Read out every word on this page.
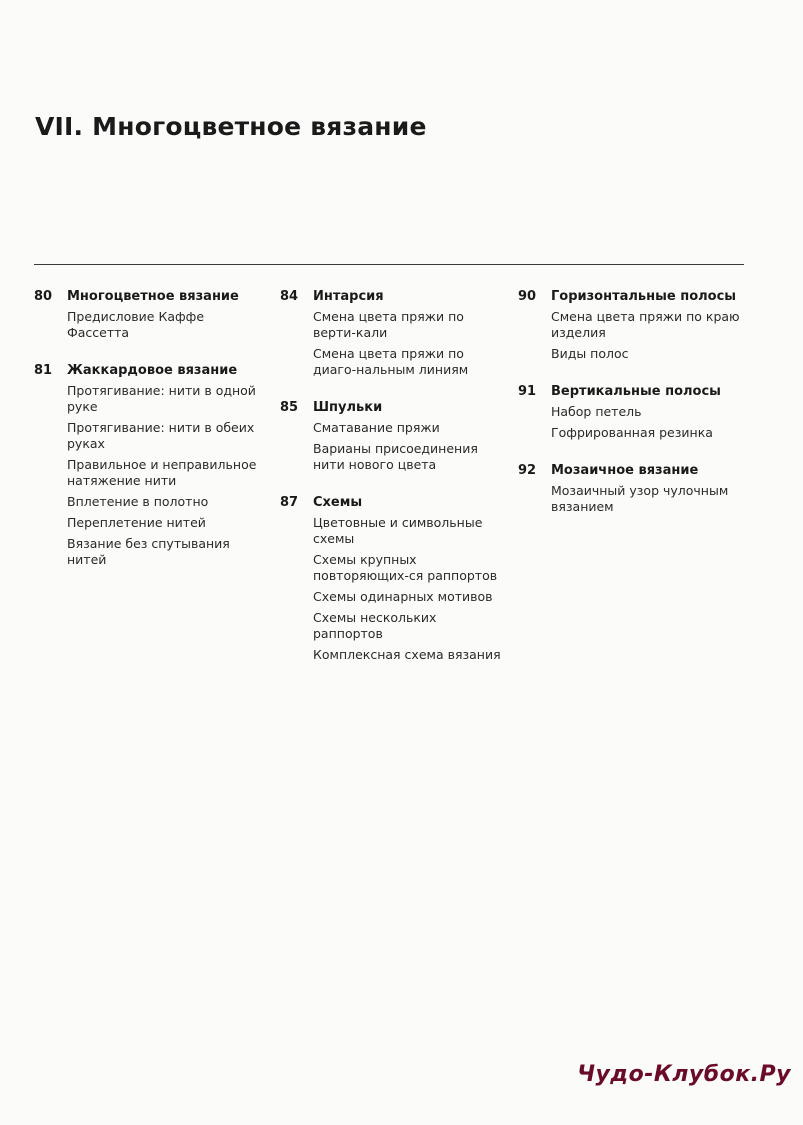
VII. Многоцветное вязание
80 Многоцветное вязание
Предисловие Каффе Фассетта
81 Жаккардовое вязание
Протягивание: нити в одной руке
Протягивание: нити в обеих руках
Правильное и неправильное натяжение нити
Вплетение в полотно
Переплетение нитей
Вязание без спутывания нитей
84 Интарсия
Смена цвета пряжи по верти-кали
Смена цвета пряжи по диаго-нальным линиям
85 Шпульки
Сматавание пряжи
Варианы присоединения нити нового цвета
87 Схемы
Цветовные и символьные схемы
Схемы крупных повторяющих-ся раппортов
Схемы одинарных мотивов
Схемы нескольких раппортов
Комплексная схема вязания
90 Горизонтальные полосы
Смена цвета пряжи по краю изделия
Виды полос
91 Вертикальные полосы
Набор петель
Гофрированная резинка
92 Мозаичное вязание
Мозаичный узор чулочным вязанием
Чудо-Клубок.Ру
